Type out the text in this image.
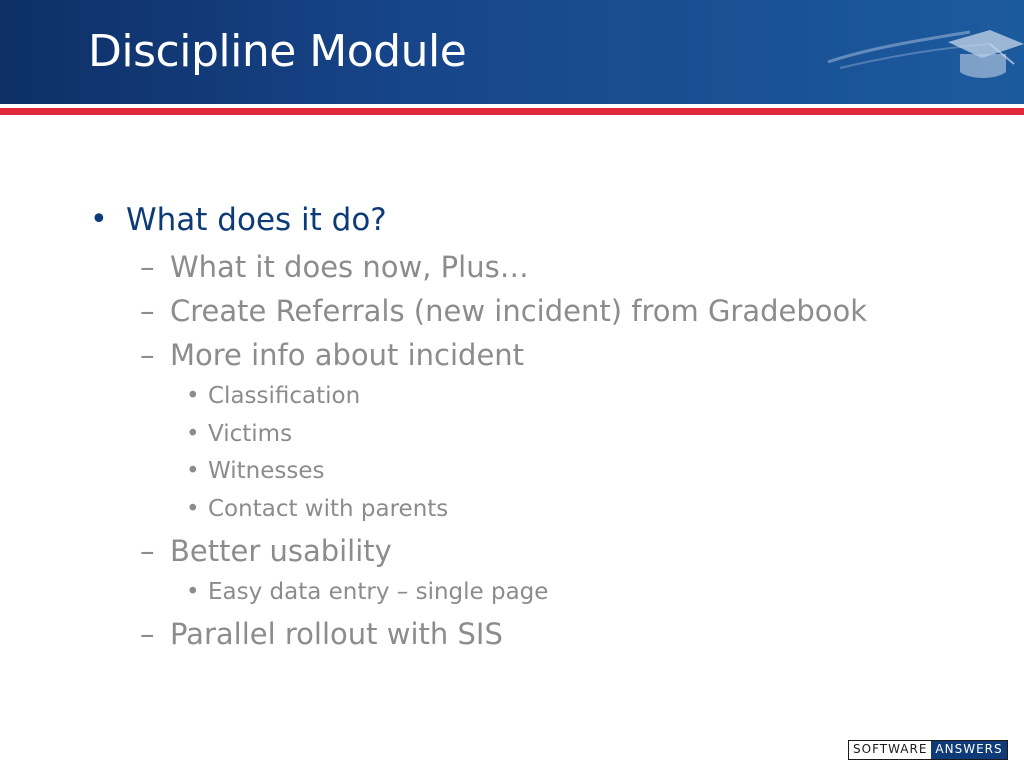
Discipline Module
• What does it do?
– What it does now, Plus…
– Create Referrals (new incident) from Gradebook
– More info about incident
• Classification
• Victims
• Witnesses
• Contact with parents
– Better usability
• Easy data entry – single page
– Parallel rollout with SIS
SOFTWARE ANSWERS
